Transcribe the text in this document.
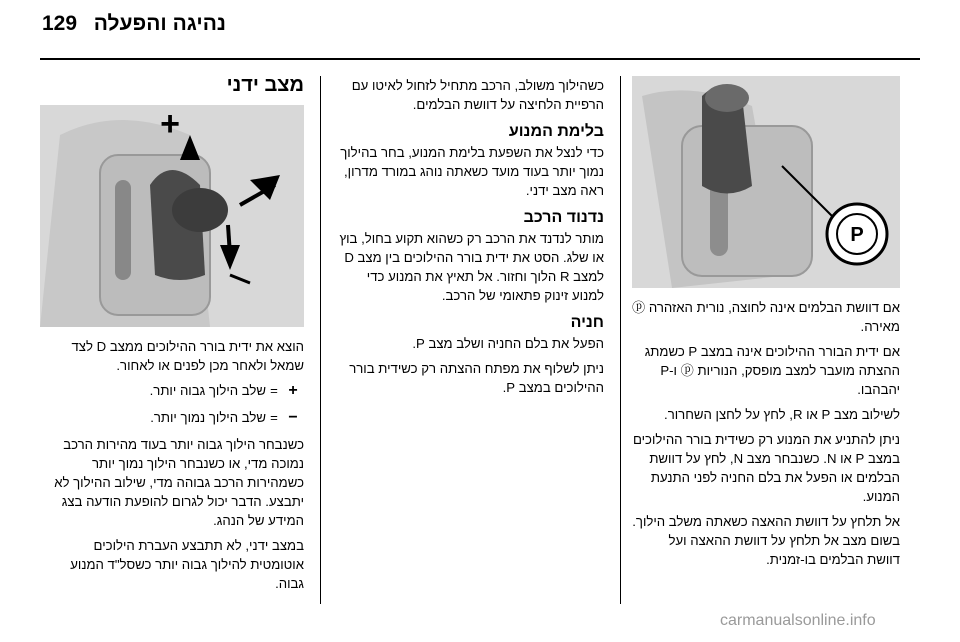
129 נהיגה והפעלה
P

אם דוושת הבלמים אינה לחוצה, נורית האזהרה ⓟ מאירה.

אם ידית הבורר ההילוכים אינה במצב P כשמתג ההצתה מועבר למצב מופסק, הנוריות ⓟ ו-P יהבהבו.

לשילוב מצב P או R, לחץ על לחצן השחרור.

ניתן להתניע את המנוע רק כשידית בורר ההילוכים במצב P או N. כשנבחר מצב N, לחץ על דוושת הבלמים או הפעל את בלם החניה לפני התנעת המנוע.

אל תלחץ על דוושת ההאצה כשאתה משלב הילוך. בשום מצב אל תלחץ על דוושת ההאצה ועל דוושת הבלמים בו-זמנית.

כשהילוך משולב, הרכב מתחיל לזחול לאיטו עם הרפיית הלחיצה על דוושת הבלמים.

בלימת המנוע

כדי לנצל את השפעת בלימת המנוע, בחר בהילוך נמוך יותר בעוד מועד כשאתה נוהג במורד מדרון, ראה מצב ידני.

נדנוד הרכב

מותר לנדנד את הרכב רק כשהוא תקוע בחול, בוץ או שלג. הסט את ידית בורר ההילוכים בין מצב D למצב R הלוך וחזור. אל תאיץ את המנוע כדי למנוע זינוק פתאומי של הרכב.

חניה

הפעל את בלם החניה ושלב מצב P.

ניתן לשלוף את מפתח ההצתה רק כשידית בורר ההילוכים במצב P.

מצב ידני
+

הוצא את ידית בורר ההילוכים ממצב D לצד שמאל ולאחר מכן לפנים או לאחור.

+
=
שלב הילוך גבוה יותר.
−
=
שלב הילוך נמוך יותר.

כשנבחר הילוך גבוה יותר בעוד מהירות הרכב נמוכה מדי, או כשנבחר הילוך נמוך יותר כשמהירות הרכב גבוהה מדי, שילוב ההילוך לא יתבצע. הדבר יכול לגרום להופעת הודעה בצג המידע של הנהג.

במצב ידני, לא תתבצע העברת הילוכים אוטומטית להילוך גבוה יותר כשסל"ד המנוע גבוה.

carmanualsonline.info
